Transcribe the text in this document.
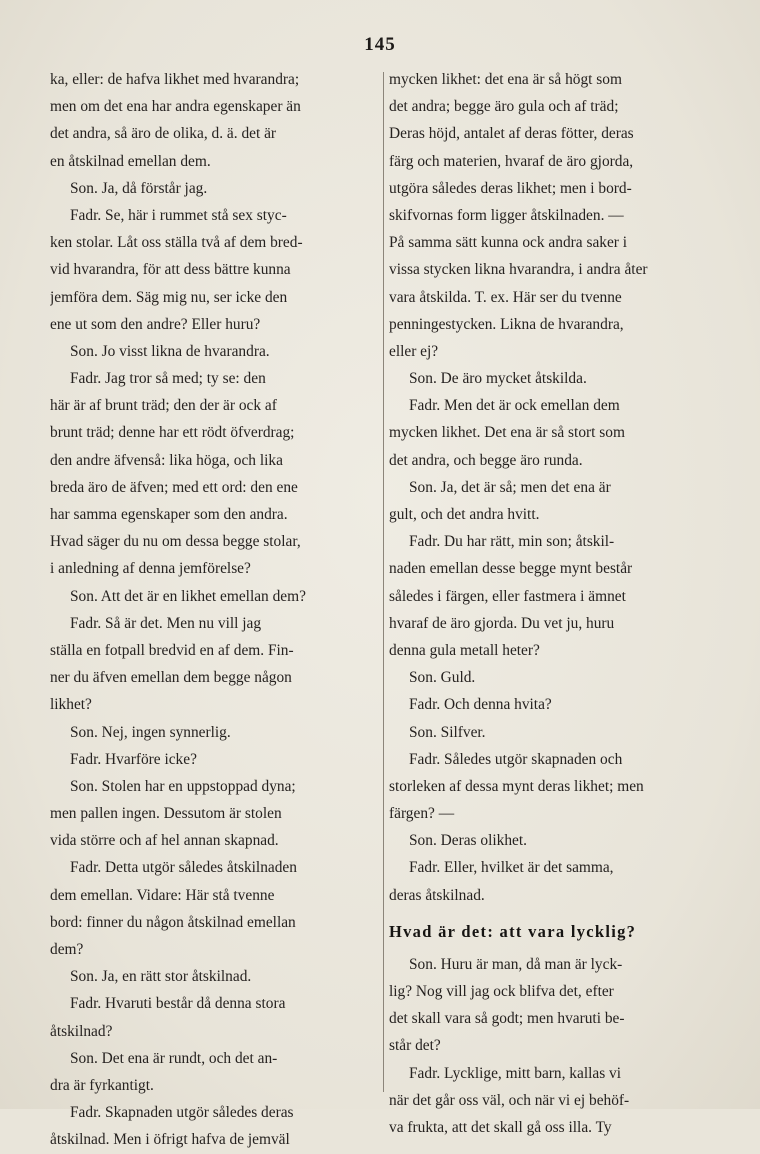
145
ka, eller: de hafva likhet med hvarandra;
men om det ena har andra egenskaper än
det andra, så äro de olika, d. ä. det är
en åtskilnad emellan dem.
Son. Ja, då förstår jag.
Fadr. Se, här i rummet stå sex styc-
ken stolar. Låt oss ställa två af dem bred-
vid hvarandra, för att dess bättre kunna
jemföra dem. Säg mig nu, ser icke den
ene ut som den andre? Eller huru?
Son. Jo visst likna de hvarandra.
Fadr. Jag tror så med; ty se: den
här är af brunt träd; den der är ock af
brunt träd; denne har ett rödt öfverdrag;
den andre äfvenså: lika höga, och lika
breda äro de äfven; med ett ord: den ene
har samma egenskaper som den andra.
Hvad säger du nu om dessa begge stolar,
i anledning af denna jemförelse?
Son. Att det är en likhet emellan dem?
Fadr. Så är det. Men nu vill jag
ställa en fotpall bredvid en af dem. Fin-
ner du äfven emellan dem begge någon
likhet?
Son. Nej, ingen synnerlig.
Fadr. Hvarföre icke?
Son. Stolen har en uppstoppad dyna;
men pallen ingen. Dessutom är stolen
vida större och af hel annan skapnad.
Fadr. Detta utgör således åtskilnaden
dem emellan. Vidare: Här stå tvenne
bord: finner du någon åtskilnad emellan
dem?
Son. Ja, en rätt stor åtskilnad.
Fadr. Hvaruti består då denna stora
åtskilnad?
Son. Det ena är rundt, och det an-
dra är fyrkantigt.
Fadr. Skapnaden utgör således deras
åtskilnad. Men i öfrigt hafva de jemväl
mycken likhet: det ena är så högt som
det andra; begge äro gula och af träd;
Deras höjd, antalet af deras fötter, deras
färg och materien, hvaraf de äro gjorda,
utgöra således deras likhet; men i bord-
skifvornas form ligger åtskilnaden. —
På samma sätt kunna ock andra saker i
vissa stycken likna hvarandra, i andra åter
vara åtskilda. T. ex. Här ser du tvenne
penningestycken. Likna de hvarandra,
eller ej?
Son. De äro mycket åtskilda.
Fadr. Men det är ock emellan dem
mycken likhet. Det ena är så stort som
det andra, och begge äro runda.
Son. Ja, det är så; men det ena är
gult, och det andra hvitt.
Fadr. Du har rätt, min son; åtskil-
naden emellan desse begge mynt består
således i färgen, eller fastmera i ämnet
hvaraf de äro gjorda. Du vet ju, huru
denna gula metall heter?
Son. Guld.
Fadr. Och denna hvita?
Son. Silfver.
Fadr. Således utgör skapnaden och
storleken af dessa mynt deras likhet; men
färgen? —
Son. Deras olikhet.
Fadr. Eller, hvilket är det samma,
deras åtskilnad.
Hvad är det: att vara lycklig?
Son. Huru är man, då man är lyck-
lig? Nog vill jag ock blifva det, efter
det skall vara så godt; men hvaruti be-
står det?
Fadr. Lycklige, mitt barn, kallas vi
när det går oss väl, och när vi ej behöf-
va frukta, att det skall gå oss illa. Ty
